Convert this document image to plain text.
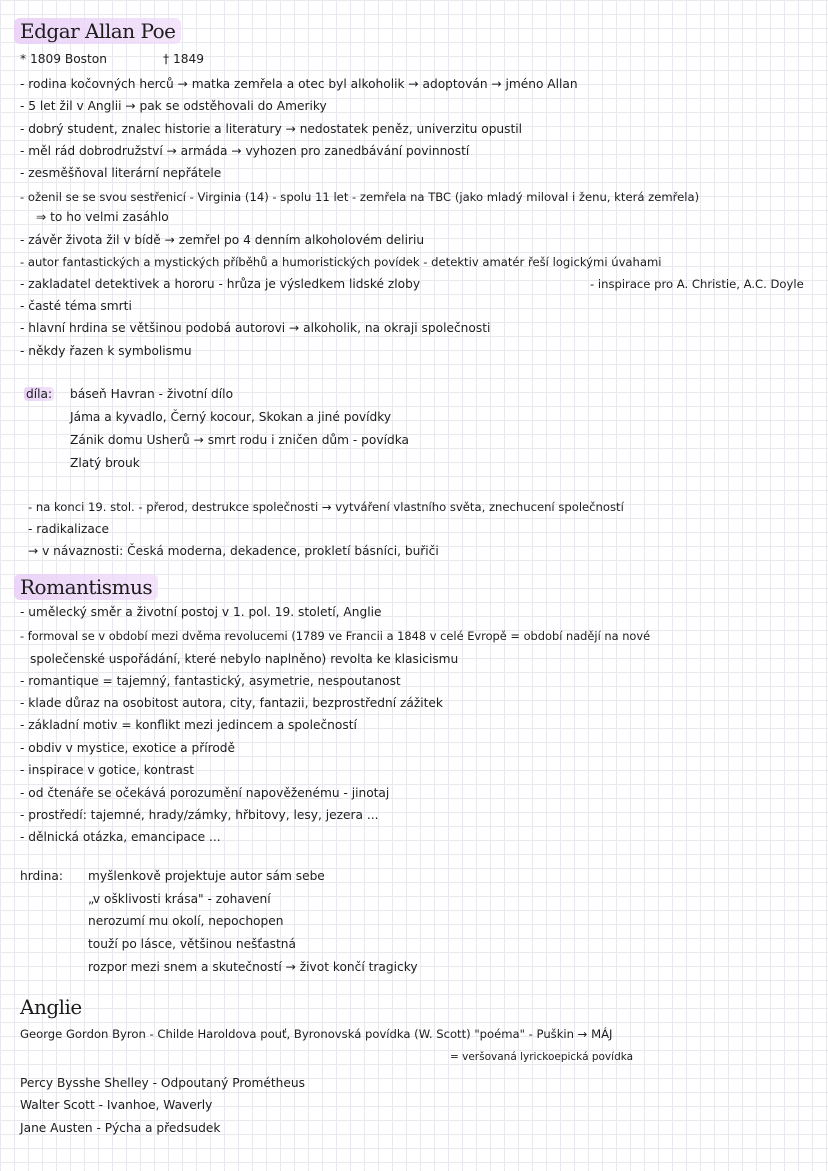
Edgar Allan Poe
* 1809 Boston	† 1849
- rodina kočovných herců → matka zemřela a otec byl alkoholik → adoptován → jméno Allan
- 5 let žil v Anglii → pak se odstěhovali do Ameriky
- dobrý student, znalec historie a literatury → nedostatek peněz, univerzitu opustil
- měl rád dobrodružství → armáda → vyhozen pro zanedbávání povinností
- zesměšňoval literární nepřátele
- oženil se se svou sestřenicí - Virginia (14) - spolu 11 let - zemřela na TBC (jako mladý miloval i ženu, která zemřela)
⇒ to ho velmi zasáhlo
- závěr života žil v bídě → zemřel po 4 denním alkoholovém deliriu
- autor fantastických a mystických příběhů a humoristických povídek - detektiv amatér řeší logickými úvahami
- zakladatel detektivek a hororu - hrůza je výsledkem lidské zloby	- inspirace pro A. Christie, A.C. Doyle
- časté téma smrti
- hlavní hrdina se většinou podobá autorovi → alkoholik, na okraji společnosti
- někdy řazen k symbolismu
díla: báseň Havran - životní dílo
Jáma a kyvadlo, Černý kocour, Skokan a jiné povídky
Zánik domu Usherů → smrt rodu i zničen dům - povídka
Zlatý brouk
- na konci 19. stol. - přerod, destrukce společnosti → vytváření vlastního světa, znechucení společností
- radikalizace
→ v návaznosti: Česká moderna, dekadence, prokletí básníci, buřiči
Romantismus
- umělecký směr a životní postoj v 1. pol. 19. století, Anglie
- formoval se v období mezi dvěma revolucemi (1789 ve Francii a 1848 v celé Evropě = období nadějí na nové
společenské uspořádání, které nebylo naplněno) revolta ke klasicismu
- romantique = tajemný, fantastický, asymetrie, nespoutanost
- klade důraz na osobitost autora, city, fantazii, bezprostřední zážitek
- základní motiv = konflikt mezi jedincem a společností
- obdiv v mystice, exotice a přírodě
- inspirace v gotice, kontrast
- od čtenáře se očekává porozumění napověženému - jinotaj
- prostředí: tajemné, hrady/zámky, hřbitovy, lesy, jezera ...
- dělnická otázka, emancipace ...
hrdina: myšlenkově projektuje autor sám sebe
„v ošklivosti krása" - zohavení
nerozumí mu okolí, nepochopen
touží po lásce, většinou nešťastná
rozpor mezi snem a skutečností → život končí tragicky
Anglie
George Gordon Byron - Childe Haroldova pouť, Byronovská povídka (W. Scott) "poéma" - Puškin → MÁJ
= veršovaná lyrickoepická povídka
Percy Bysshe Shelley - Odpoutaný Prométheus
Walter Scott - Ivanhoe, Waverly
Jane Austen - Pýcha a předsudek
